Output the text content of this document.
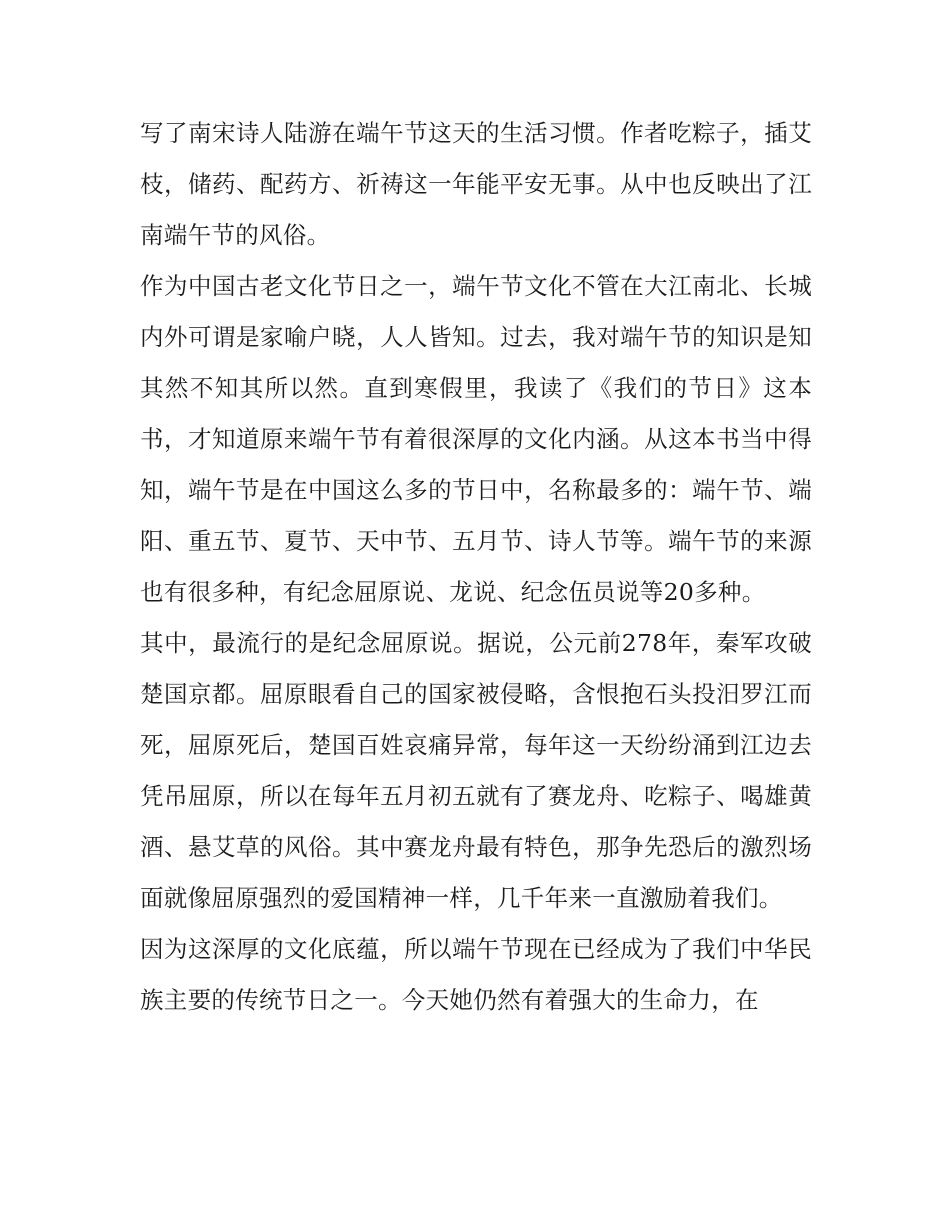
写了南宋诗人陆游在端午节这天的生活习惯。作者吃粽子，插艾枝，储药、配药方、祈祷这一年能平安无事。从中也反映出了江南端午节的风俗。

作为中国古老文化节日之一，端午节文化不管在大江南北、长城内外可谓是家喻户晓，人人皆知。过去，我对端午节的知识是知其然不知其所以然。直到寒假里，我读了《我们的节日》这本书，才知道原来端午节有着很深厚的文化内涵。从这本书当中得知，端午节是在中国这么多的节日中，名称最多的：端午节、端阳、重五节、夏节、天中节、五月节、诗人节等。端午节的来源也有很多种，有纪念屈原说、龙说、纪念伍员说等20多种。

其中，最流行的是纪念屈原说。据说，公元前278年，秦军攻破楚国京都。屈原眼看自己的国家被侵略，含恨抱石头投汨罗江而死，屈原死后，楚国百姓哀痛异常，每年这一天纷纷涌到江边去凭吊屈原，所以在每年五月初五就有了赛龙舟、吃粽子、喝雄黄酒、悬艾草的风俗。其中赛龙舟最有特色，那争先恐后的激烈场面就像屈原强烈的爱国精神一样，几千年来一直激励着我们。

因为这深厚的文化底蕴，所以端午节现在已经成为了我们中华民族主要的传统节日之一。今天她仍然有着强大的生命力，在
